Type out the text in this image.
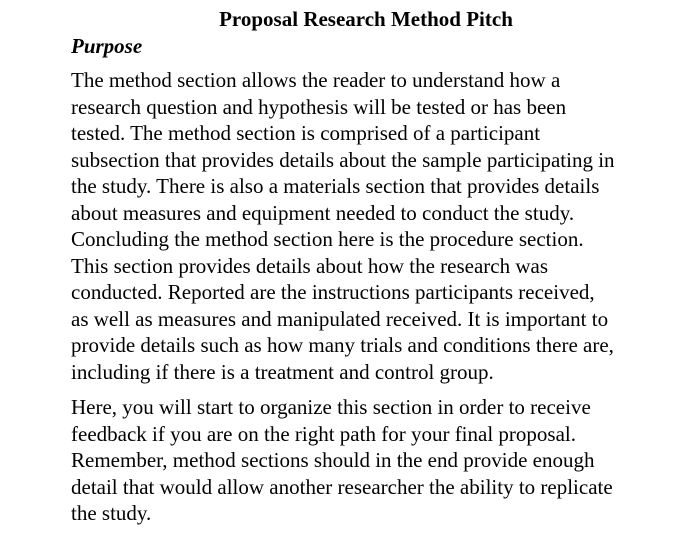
Proposal Research Method Pitch
Purpose
The method section allows the reader to understand how a
research question and hypothesis will be tested or has been
tested. The method section is comprised of a participant
subsection that provides details about the sample participating in
the study. There is also a materials section that provides details
about measures and equipment needed to conduct the study.
Concluding the method section here is the procedure section.
This section provides details about how the research was
conducted. Reported are the instructions participants received,
as well as measures and manipulated received. It is important to
provide details such as how many trials and conditions there are,
including if there is a treatment and control group.
Here, you will start to organize this section in order to receive
feedback if you are on the right path for your final proposal.
Remember, method sections should in the end provide enough
detail that would allow another researcher the ability to replicate
the study.
